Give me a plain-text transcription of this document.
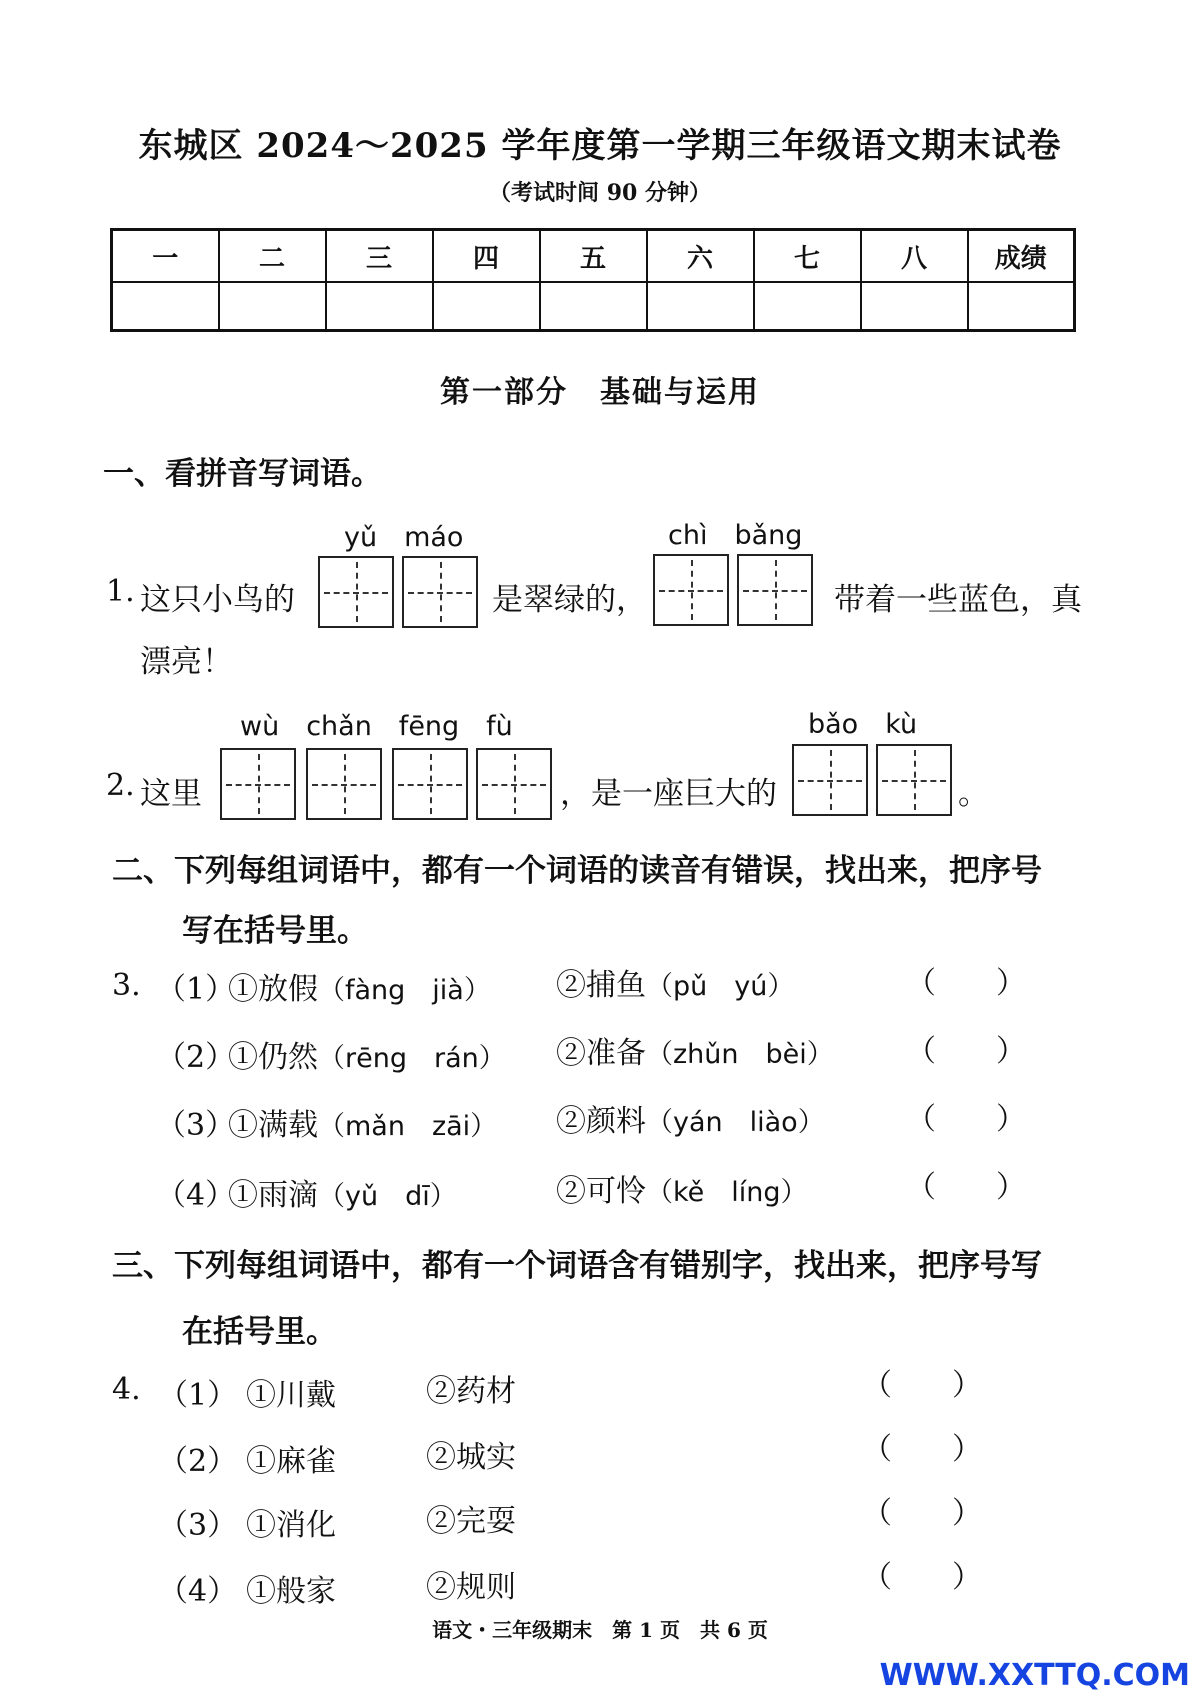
东城区 2024～2025 学年度第一学期三年级语文期末试卷
（考试时间 90 分钟）
一	二	三	四	五	六	七	八	成绩

第一部分　基础与运用
一、看拼音写词语。
yǔ　máo	chì　bǎng
1. 这只小鸟的	是翠绿的，	带着一些蓝色，真
漂亮！
wù　chǎn　fēng　fù	bǎo　kù
2. 这里	，是一座巨大的	。
二、下列每组词语中，都有一个词语的读音有错误，找出来，把序号
写在括号里。
3. （1）
①放假（fàng　jià） ②捕鱼（pǔ　yú）	（　　）
（2）
①仍然（rēng　rán） ②准备（zhǔn　bèi） （　　）
（3）
①满载（mǎn　zāi） ②颜料（yán　liào）	（　　）
（4）
①雨滴（yǔ　dī）	②可怜（kě　líng）	（　　）
三、下列每组词语中，都有一个词语含有错别字，找出来，把序号写
在括号里。
4. （1） ①川戴	②药材	（　　）
（2） ①麻雀	②城实	（　　）
（3） ①消化	②完耍	（　　）
（4） ①般家	②规则	（　　）
语文・三年级期末　第 1 页　共 6 页
WWW.XXTTQ.COM
